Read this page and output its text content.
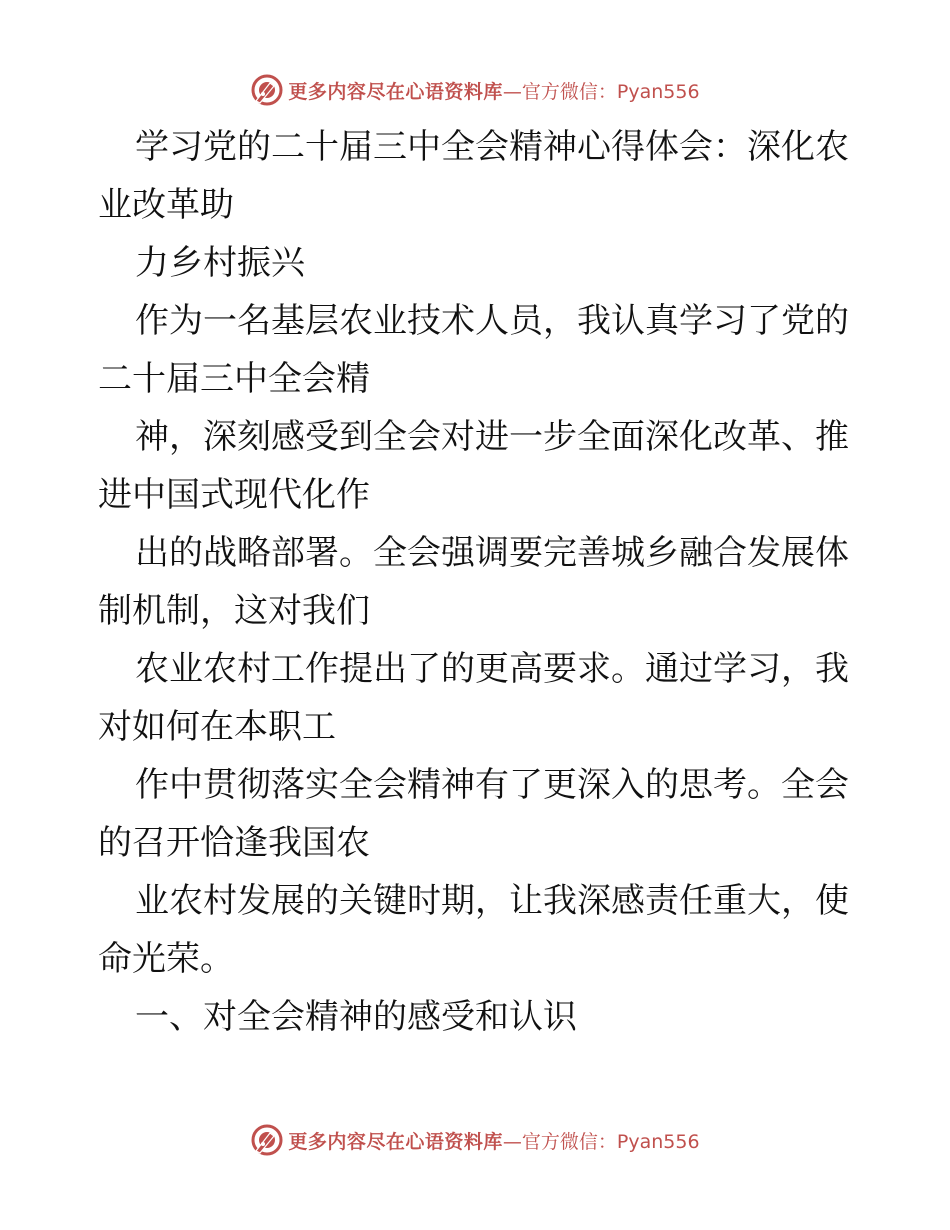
更多内容尽在心语资料库 —官方微信：Pyan556
学习党的二十届三中全会精神心得体会：深化农
业改革助
力乡村振兴
作为一名基层农业技术人员，我认真学习了党的
二十届三中全会精
神，深刻感受到全会对进一步全面深化改革、推
进中国式现代化作
出的战略部署。全会强调要完善城乡融合发展体
制机制，这对我们
农业农村工作提出了的更高要求。通过学习，我
对如何在本职工
作中贯彻落实全会精神有了更深入的思考。全会
的召开恰逢我国农
业农村发展的关键时期，让我深感责任重大，使
命光荣。
一、对全会精神的感受和认识
更多内容尽在心语资料库 —官方微信：Pyan556
